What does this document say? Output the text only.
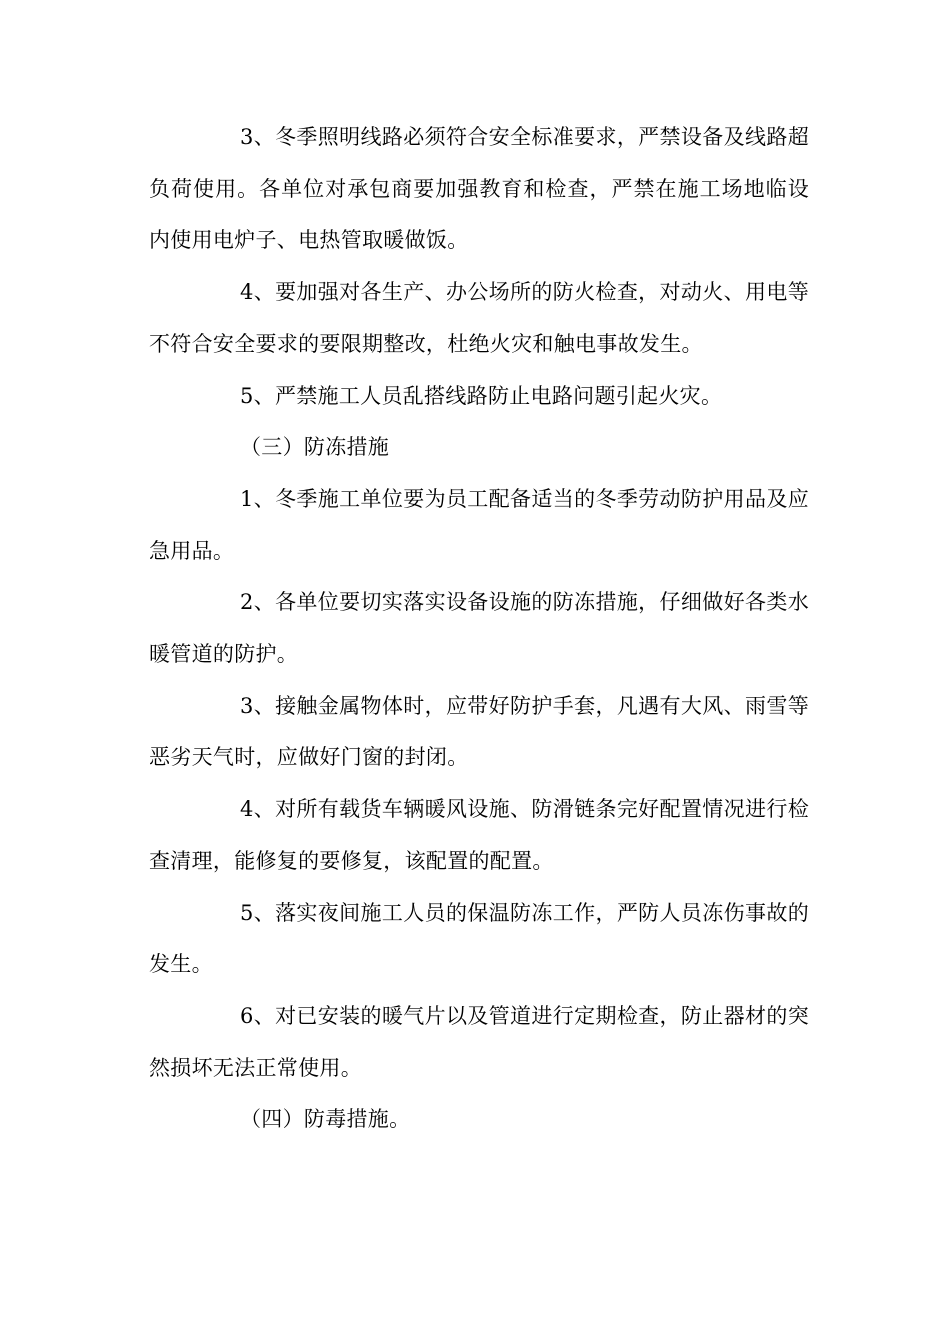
3、冬季照明线路必须符合安全标准要求，严禁设备及线路超负荷使用。各单位对承包商要加强教育和检查，严禁在施工场地临设内使用电炉子、电热管取暖做饭。

4、要加强对各生产、办公场所的防火检查，对动火、用电等不符合安全要求的要限期整改，杜绝火灾和触电事故发生。

5、严禁施工人员乱搭线路防止电路问题引起火灾。

（三）防冻措施

1、冬季施工单位要为员工配备适当的冬季劳动防护用品及应急用品。

2、各单位要切实落实设备设施的防冻措施，仔细做好各类水暖管道的防护。

3、接触金属物体时，应带好防护手套，凡遇有大风、雨雪等恶劣天气时，应做好门窗的封闭。

4、对所有载货车辆暖风设施、防滑链条完好配置情况进行检查清理，能修复的要修复，该配置的配置。

5、落实夜间施工人员的保温防冻工作，严防人员冻伤事故的发生。

6、对已安装的暖气片以及管道进行定期检查，防止器材的突然损坏无法正常使用。

（四）防毒措施。
